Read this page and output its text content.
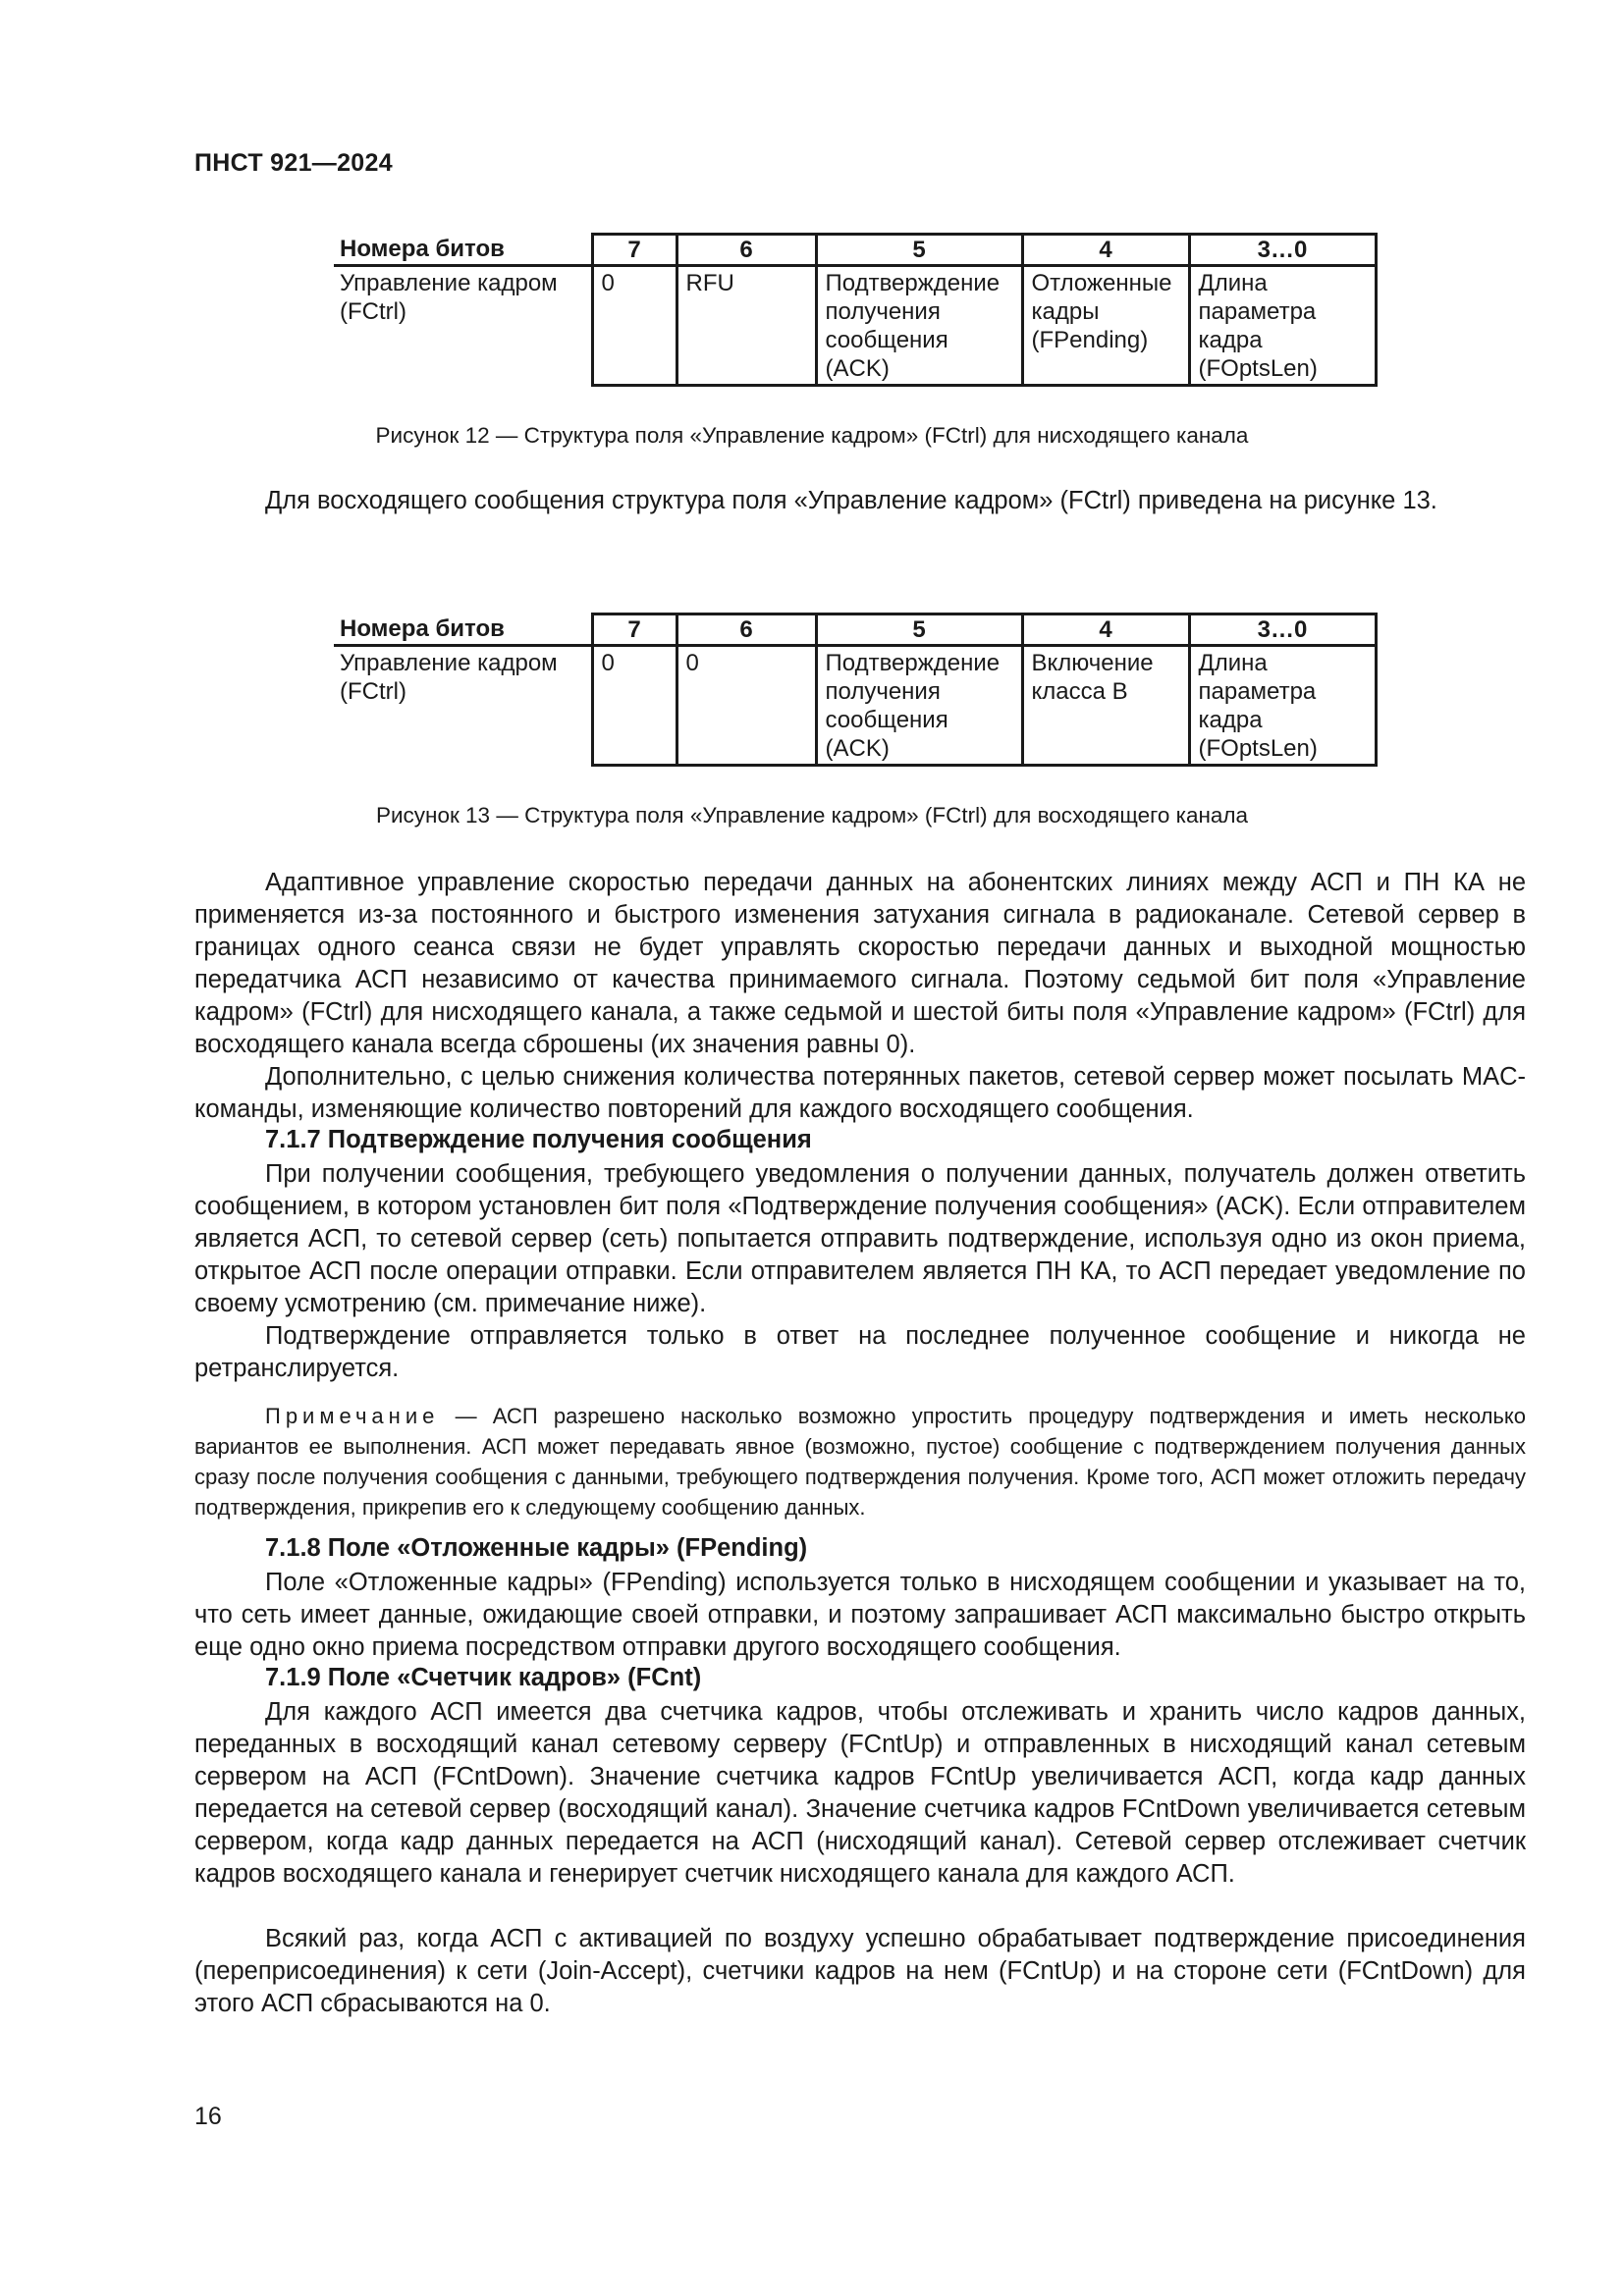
ПНСТ 921—2024
Номера битов	7	6	5	4	3…0
Управление кадром (FCtrl)	0	RFU	Подтверждение получения сообщения (ACK)	Отложенные кадры (FPending)	Длина параметра кадра (FOptsLen)
Рисунок 12 — Структура поля «Управление кадром» (FCtrl) для нисходящего канала

Для восходящего сообщения структура поля «Управление кадром» (FCtrl) приведена на рисунке 13.

Номера битов	7	6	5	4	3…0
Управление кадром (FCtrl)	0	0	Подтверждение получения сообщения (ACK)	Включение класса B	Длина параметра кадра (FOptsLen)
Рисунок 13 — Структура поля «Управление кадром» (FCtrl) для восходящего канала

Адаптивное управление скоростью передачи данных на абонентских линиях между АСП и ПН КА не применяется из-за постоянного и быстрого изменения затухания сигнала в радиоканале. Сетевой сервер в границах одного сеанса связи не будет управлять скоростью передачи данных и выходной мощностью передатчика АСП независимо от качества принимаемого сигнала. Поэтому седьмой бит поля «Управление кадром» (FCtrl) для нисходящего канала, а также седьмой и шестой биты поля «Управление кадром» (FCtrl) для восходящего канала всегда сброшены (их значения равны 0).

Дополнительно, с целью снижения количества потерянных пакетов, сетевой сервер может посылать MAC-команды, изменяющие количество повторений для каждого восходящего сообщения.

7.1.7 Подтверждение получения сообщения

При получении сообщения, требующего уведомления о получении данных, получатель должен ответить сообщением, в котором установлен бит поля «Подтверждение получения сообщения» (ACK). Если отправителем является АСП, то сетевой сервер (сеть) попытается отправить подтверждение, используя одно из окон приема, открытое АСП после операции отправки. Если отправителем является ПН КА, то АСП передает уведомление по своему усмотрению (см. примечание ниже).

Подтверждение отправляется только в ответ на последнее полученное сообщение и никогда не ретранслируется.

Примечание — АСП разрешено насколько возможно упростить процедуру подтверждения и иметь несколько вариантов ее выполнения. АСП может передавать явное (возможно, пустое) сообщение с подтверждением получения данных сразу после получения сообщения с данными, требующего подтверждения получения. Кроме того, АСП может отложить передачу подтверждения, прикрепив его к следующему сообщению данных.

7.1.8 Поле «Отложенные кадры» (FPending)

Поле «Отложенные кадры» (FPending) используется только в нисходящем сообщении и указывает на то, что сеть имеет данные, ожидающие своей отправки, и поэтому запрашивает АСП максимально быстро открыть еще одно окно приема посредством отправки другого восходящего сообщения.

7.1.9 Поле «Счетчик кадров» (FCnt)

Для каждого АСП имеется два счетчика кадров, чтобы отслеживать и хранить число кадров данных, переданных в восходящий канал сетевому серверу (FCntUp) и отправленных в нисходящий канал сетевым сервером на АСП (FCntDown). Значение счетчика кадров FCntUp увеличивается АСП, когда кадр данных передается на сетевой сервер (восходящий канал). Значение счетчика кадров FCntDown увеличивается сетевым сервером, когда кадр данных передается на АСП (нисходящий канал). Сетевой сервер отслеживает счетчик кадров восходящего канала и генерирует счетчик нисходящего канала для каждого АСП.

Всякий раз, когда АСП с активацией по воздуху успешно обрабатывает подтверждение присоединения (переприсоединения) к сети (Join-Accept), счетчики кадров на нем (FCntUp) и на стороне сети (FCntDown) для этого АСП сбрасываются на 0.

16
